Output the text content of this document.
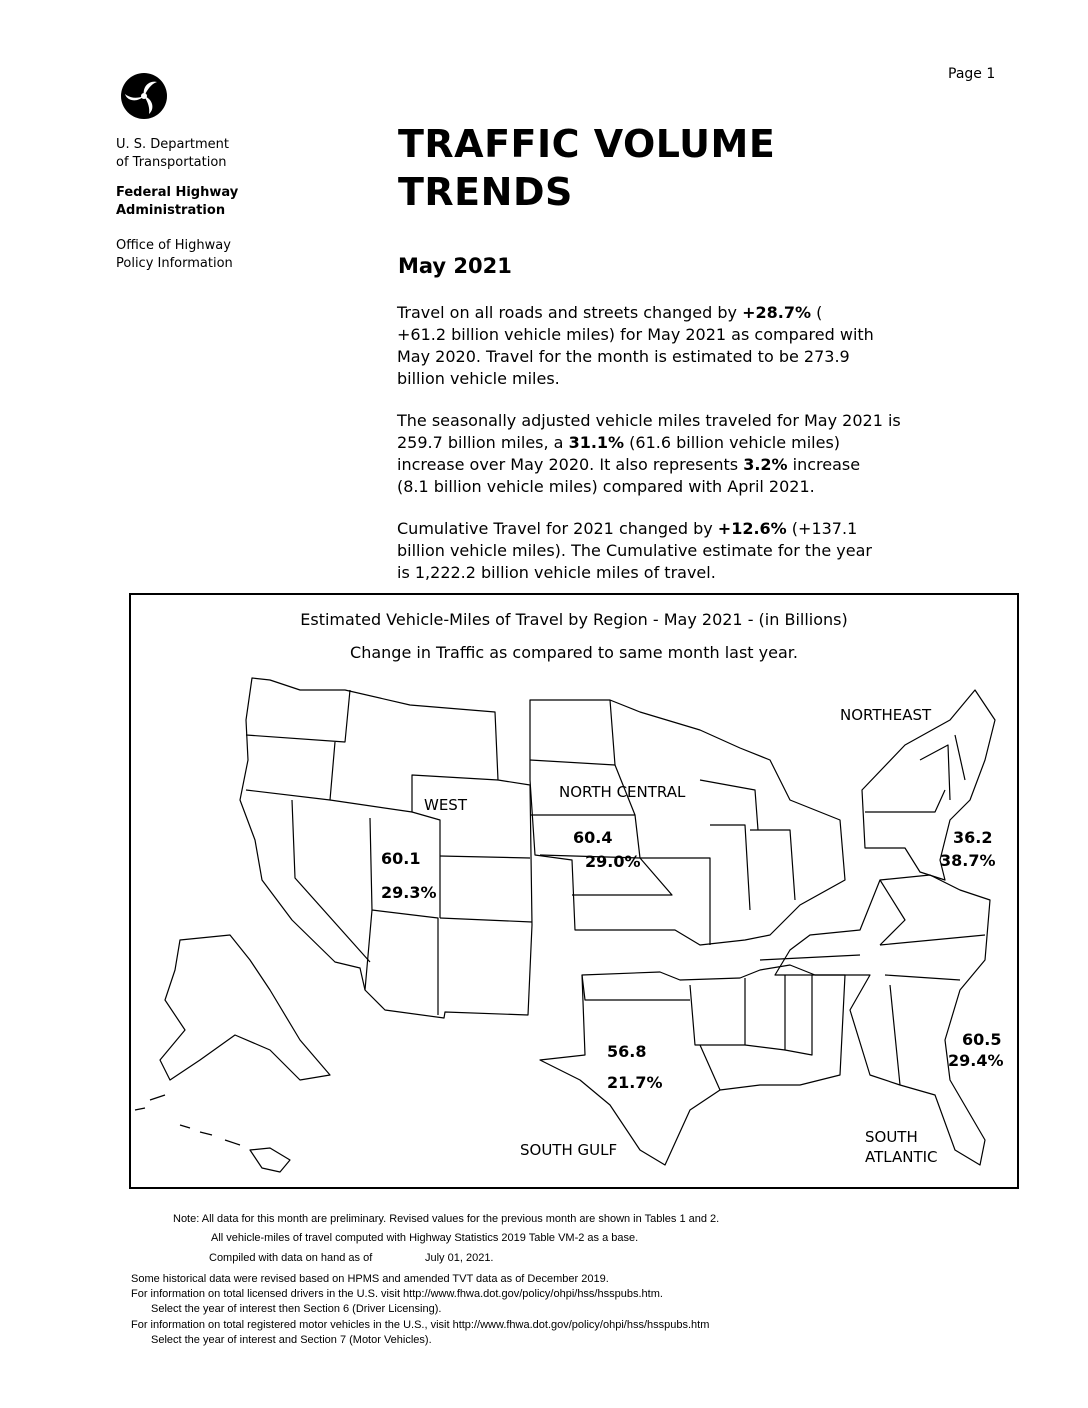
Page 1
U. S. Department
of Transportation
Federal Highway
Administration
Office of Highway
Policy Information
TRAFFIC VOLUME
TRENDS
May 2021
Travel on all roads and streets changed by +28.7% (
+61.2 billion vehicle miles) for May 2021 as compared with
May 2020. Travel for the month is estimated to be 273.9
billion vehicle miles.
The seasonally adjusted vehicle miles traveled for May 2021 is
259.7 billion miles, a 31.1% (61.6 billion vehicle miles)
increase over May 2020. It also represents 3.2% increase
(8.1 billion vehicle miles) compared with April 2021.
Cumulative Travel for 2021 changed by +12.6% (+137.1
billion vehicle miles). The Cumulative estimate for the year
is 1,222.2 billion vehicle miles of travel.
Estimated Vehicle-Miles of Travel by Region - May 2021 - (in Billions)
Change in Traffic as compared to same month last year.
WEST
60.1
29.3%
NORTH CENTRAL
60.4
29.0%
NORTHEAST
36.2
38.7%
56.8
21.7%
SOUTH GULF
60.5
29.4%
SOUTH
ATLANTIC
Note: All data for this month are preliminary. Revised values for the previous month are shown in Tables 1 and 2.
All vehicle-miles of travel computed with Highway Statistics 2019 Table VM-2 as a base.
Compiled with data on hand as of	July 01, 2021.
Some historical data were revised based on HPMS and amended TVT data as of December 2019.
For information on total licensed drivers in the U.S. visit http://www.fhwa.dot.gov/policy/ohpi/hss/hsspubs.htm.
Select the year of interest then Section 6 (Driver Licensing).
For information on total registered motor vehicles in the U.S., visit http://www.fhwa.dot.gov/policy/ohpi/hss/hsspubs.htm
Select the year of interest and Section 7 (Motor Vehicles).
